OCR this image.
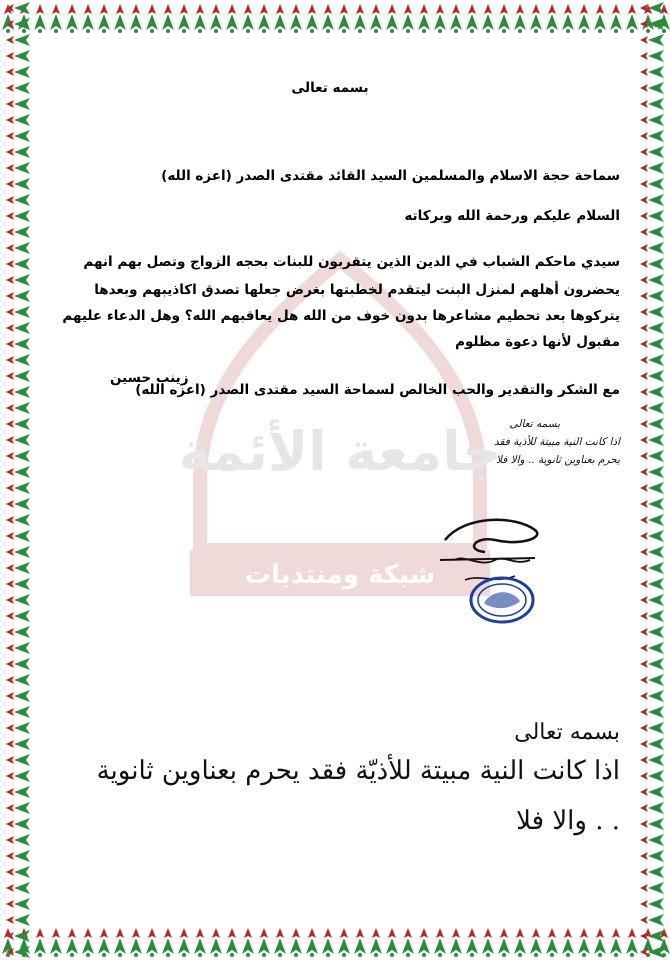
جامعة الأئمة
شبكة ومنتديات
بسمه تعالى
سماحة حجة الاسلام والمسلمين السيد القائد مقتدى الصدر (اعزه الله)
السلام عليكم ورحمة الله وبركاته
سيدي ماحكم الشباب في الدين الذين يتقربون للبنات بحجه الزواج وتصل بهم انهم
يحضرون أهلهم لمنزل البنت ليتقدم لخطبتها بغرض جعلها تصدق اكاذيبهم وبعدها
يتركوها بعد تحطيم مشاعرها بدون خوف من الله هل يعاقبهم الله؟ وهل الدعاء عليهم
مقبول لأنها دعوة مظلوم
مع الشكر والتقدير والحب الخالص لسماحة السيد مقتدى الصدر (اعزه الله)
زينب حسين
بسمه تعالى
اذا كانت النية مبيتة للأذية فقد
يحرم بعناوين ثانوية .. والا فلا
بسمه تعالى
اذا كانت النية مبيتة للأذيّة فقد يحرم بعناوين ثانوية
. . والا فلا
